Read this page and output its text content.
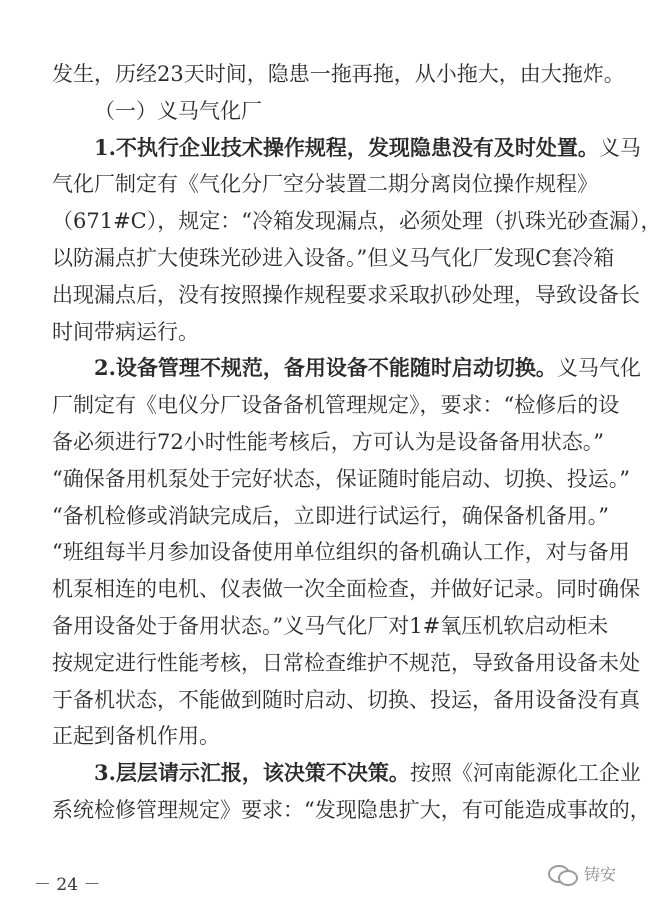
发生，历经23天时间，隐患一拖再拖，从小拖大，由大拖炸。
（一）义马气化厂
1.不执行企业技术操作规程，发现隐患没有及时处置。义马
气化厂制定有《气化分厂空分装置二期分离岗位操作规程》
（671#C），规定：“冷箱发现漏点，必须处理（扒珠光砂查漏），
以防漏点扩大使珠光砂进入设备。”但义马气化厂发现C套冷箱
出现漏点后，没有按照操作规程要求采取扒砂处理，导致设备长
时间带病运行。
2.设备管理不规范，备用设备不能随时启动切换。义马气化
厂制定有《电仪分厂设备备机管理规定》，要求：“检修后的设
备必须进行72小时性能考核后，方可认为是设备备用状态。”
“确保备用机泵处于完好状态，保证随时能启动、切换、投运。”
“备机检修或消缺完成后，立即进行试运行，确保备机备用。”
“班组每半月参加设备使用单位组织的备机确认工作，对与备用
机泵相连的电机、仪表做一次全面检查，并做好记录。同时确保
备用设备处于备用状态。”义马气化厂对1#氧压机软启动柜未
按规定进行性能考核，日常检查维护不规范，导致备用设备未处
于备机状态，不能做到随时启动、切换、投运，备用设备没有真
正起到备机作用。
3.层层请示汇报，该决策不决策。按照《河南能源化工企业
系统检修管理规定》要求：“发现隐患扩大，有可能造成事故的，
－ 24 －
铸安
